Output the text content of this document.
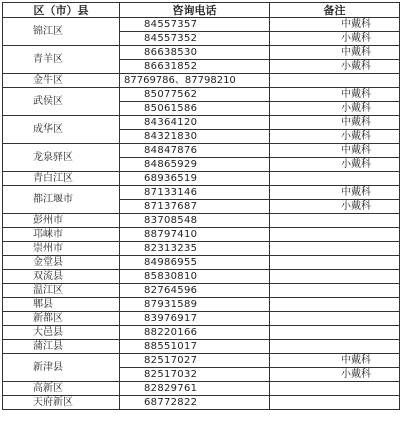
区（市）县	咨询电话	备注
锦江区	84557357	中戴科
	84557352	小戴科
青羊区	86638530	中戴科
	86631852	小戴科
金牛区	87769786、87798210	
武侯区	85077562	中戴科
	85061586	小戴科
成华区	84364120	中戴科
	84321830	小戴科
龙泉驿区	84847876	中戴科
	84865929	小戴科
青白江区	68936519	
都江堰市	87133146	中戴科
	87137687	小戴科
彭州市	83708548	
邛崃市	88797410	
崇州市	82313235	
金堂县	84986955	
双流县	85830810	
温江区	82764596	
郫县	87931589	
新都区	83976917	
大邑县	88220166	
蒲江县	88551017	
新津县	82517027	中戴科
	82517032	小戴科
高新区	82829761	
天府新区	68772822	
